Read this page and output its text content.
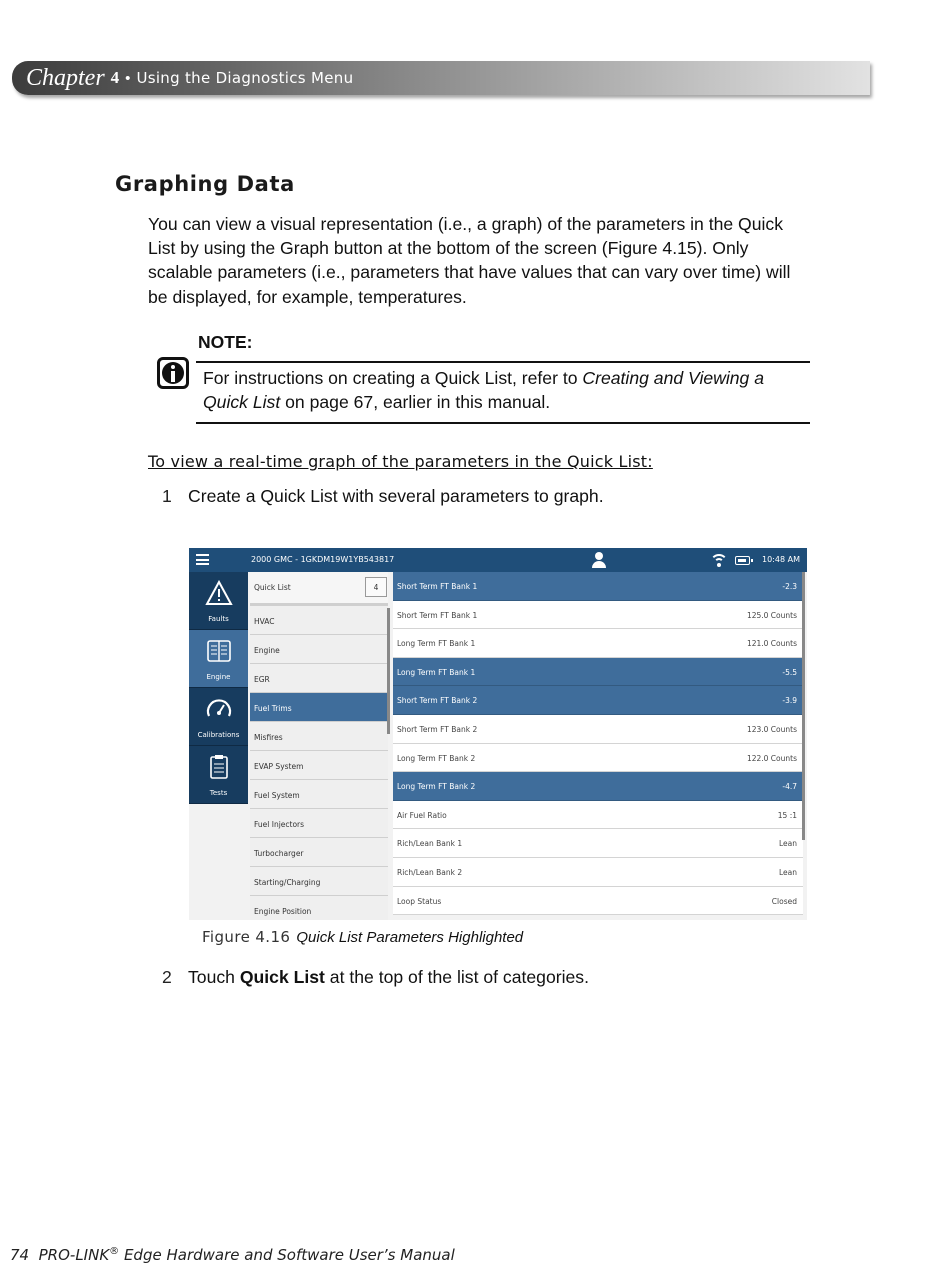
Chapter 4 • Using the Diagnostics Menu
Graphing Data

You can view a visual representation (i.e., a graph) of the parameters in the Quick List by using the Graph button at the bottom of the screen (Figure 4.15). Only scalable parameters (i.e., parameters that have values that can vary over time) will be displayed, for example, temperatures.

NOTE:

For instructions on creating a Quick List, refer to Creating and Viewing a Quick List on page 67, earlier in this manual.

To view a real-time graph of the parameters in the Quick List:
1 Create a Quick List with several parameters to graph.
2000 GMC - 1GKDM19W1YB543817	10:48 AM
Faults
Engine
Calibrations
Tests
Quick List	4
HVAC
Engine
EGR
Fuel Trims
Misfires
EVAP System
Fuel System
Fuel Injectors
Turbocharger
Starting/Charging
Engine Position
Short Term FT Bank 1	-2.3
Short Term FT Bank 1	125.0 Counts
Long Term FT Bank 1	121.0 Counts
Long Term FT Bank 1	-5.5
Short Term FT Bank 2	-3.9
Short Term FT Bank 2	123.0 Counts
Long Term FT Bank 2	122.0 Counts
Long Term FT Bank 2	-4.7
Air Fuel Ratio	15 :1
Rich/Lean Bank 1	Lean
Rich/Lean Bank 2	Lean
Loop Status	Closed
Figure 4.16 Quick List Parameters Highlighted
2 Touch Quick List at the top of the list of categories.
74 PRO-LINK® Edge Hardware and Software User’s Manual
